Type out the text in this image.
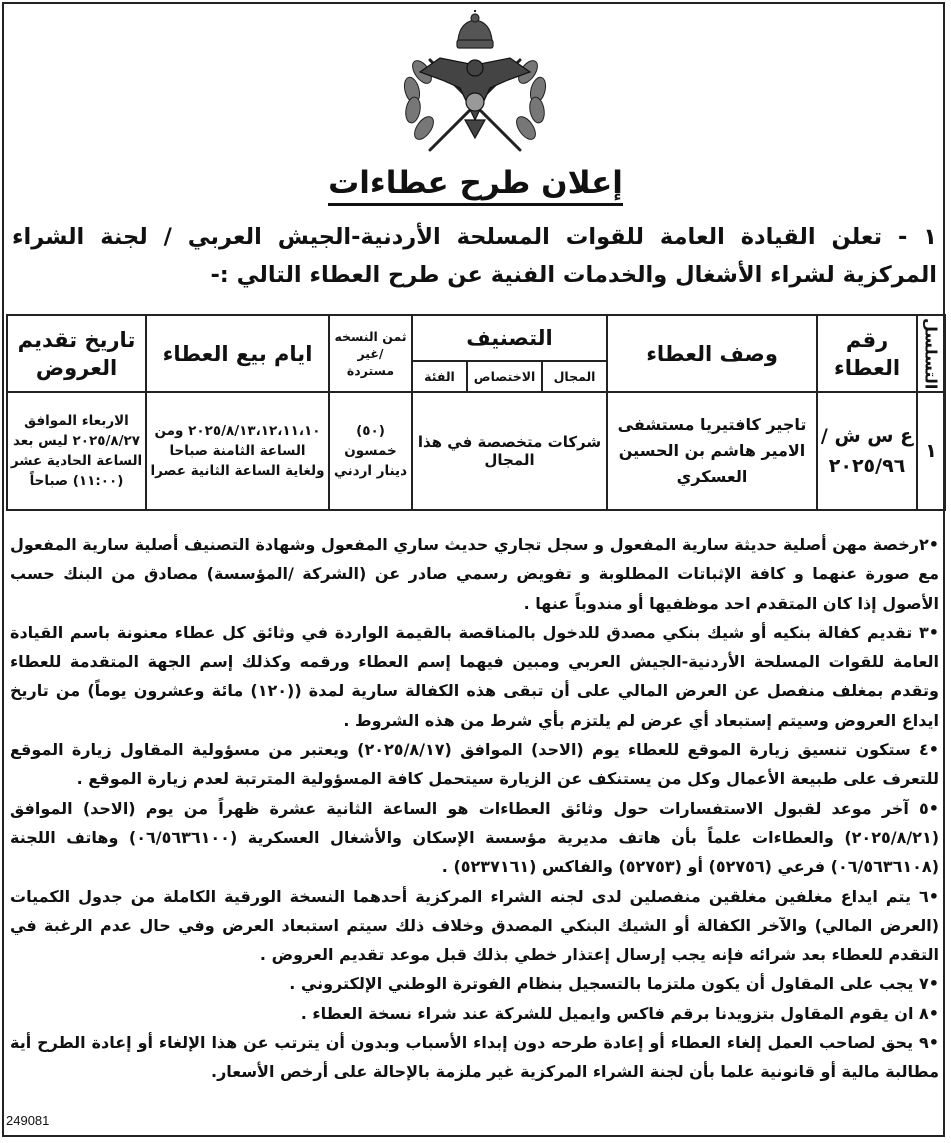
إعلان طرح عطاءات
١ - تعلن القيادة العامة للقوات المسلحة الأردنية-الجيش العربي / لجنة الشراء المركزية لشراء الأشغال والخدمات الفنية عن طرح العطاء التالي :-
التسلسل	رقم العطاء	وصف العطاء	التصنيف			ثمن النسخه /غير مستردة	ايام بيع العطاء	تاريخ تقديم العروض
			المجال	الاختصاص	الفئة			
١	ع س ش / ٢٠٢٥/٩٦	تاجير كافتيريا مستشفى الامير هاشم بن الحسين العسكري	شركات متخصصة في هذا المجال			(٥٠) خمسون دينار اردني	٢٠٢٥/٨/١٣،١٢،١١،١٠ ومن الساعة الثامنة صباحا ولغاية الساعة الثانية عصرا	الاربعاء الموافق ٢٠٢٥/٨/٢٧ ليس بعد الساعة الحادية عشر (١١:٠٠) صباحاً

•٢رخصة مهن أصلية حديثة سارية المفعول و سجل تجاري حديث ساري المفعول وشهادة التصنيف أصلية سارية المفعول مع صورة عنهما و كافة الإثباتات المطلوبة و تفويض رسمي صادر عن (الشركة /المؤسسة) مصادق من البنك حسب الأصول إذا كان المتقدم احد موظفيها أو مندوباً عنها .

•٣ تقديم كفالة بنكيه أو شيك بنكي مصدق للدخول بالمناقصة بالقيمة الواردة في وثائق كل عطاء معنونة باسم القيادة العامة للقوات المسلحة الأردنية-الجيش العربي ومبين فيهما إسم العطاء ورقمه وكذلك إسم الجهة المتقدمة للعطاء وتقدم بمغلف منفصل عن العرض المالي على أن تبقى هذه الكفالة سارية لمدة ((١٢٠) مائة وعشرون يوماً) من تاريخ ايداع العروض وسيتم إستبعاد أي عرض لم يلتزم بأي شرط من هذه الشروط .

•٤ ستكون تنسيق زيارة الموقع للعطاء يوم (الاحد) الموافق (٢٠٢٥/٨/١٧) ويعتبر من مسؤولية المقاول زيارة الموقع للتعرف على طبيعة الأعمال وكل من يستنكف عن الزيارة سيتحمل كافة المسؤولية المترتبة لعدم زيارة الموقع .

•٥ آخر موعد لقبول الاستفسارات حول وثائق العطاءات هو الساعة الثانية عشرة ظهراً من يوم (الاحد) الموافق (٢٠٢٥/٨/٢١) والعطاءات علماً بأن هاتف مديرية مؤسسة الإسكان والأشغال العسكرية (٠٦/٥٦٣٦١٠٠) وهاتف اللجنة (٠٦/٥٦٣٦١٠٨) فرعي (٥٢٧٥٦) أو (٥٢٧٥٣) والفاكس (٥٢٣٧١٦١) .

•٦ يتم ايداع مغلفين مغلقين منفصلين لدى لجنه الشراء المركزية أحدهما النسخة الورقية الكاملة من جدول الكميات (العرض المالي) والآخر الكفالة أو الشيك البنكي المصدق وخلاف ذلك سيتم استبعاد العرض وفي حال عدم الرغبة في التقدم للعطاء بعد شرائه فإنه يجب إرسال إعتذار خطي بذلك قبل موعد تقديم العروض .

•٧ يجب على المقاول أن يكون ملتزما بالتسجيل بنظام الفوترة الوطني الإلكتروني .

•٨ ان يقوم المقاول بتزويدنا برقم فاكس وايميل للشركة عند شراء نسخة العطاء .

•٩ يحق لصاحب العمل إلغاء العطاء أو إعادة طرحه دون إبداء الأسباب وبدون أن يترتب عن هذا الإلغاء أو إعادة الطرح أية مطالبة مالية أو قانونية علما بأن لجنة الشراء المركزية غير ملزمة بالإحالة على أرخص الأسعار.

249081
